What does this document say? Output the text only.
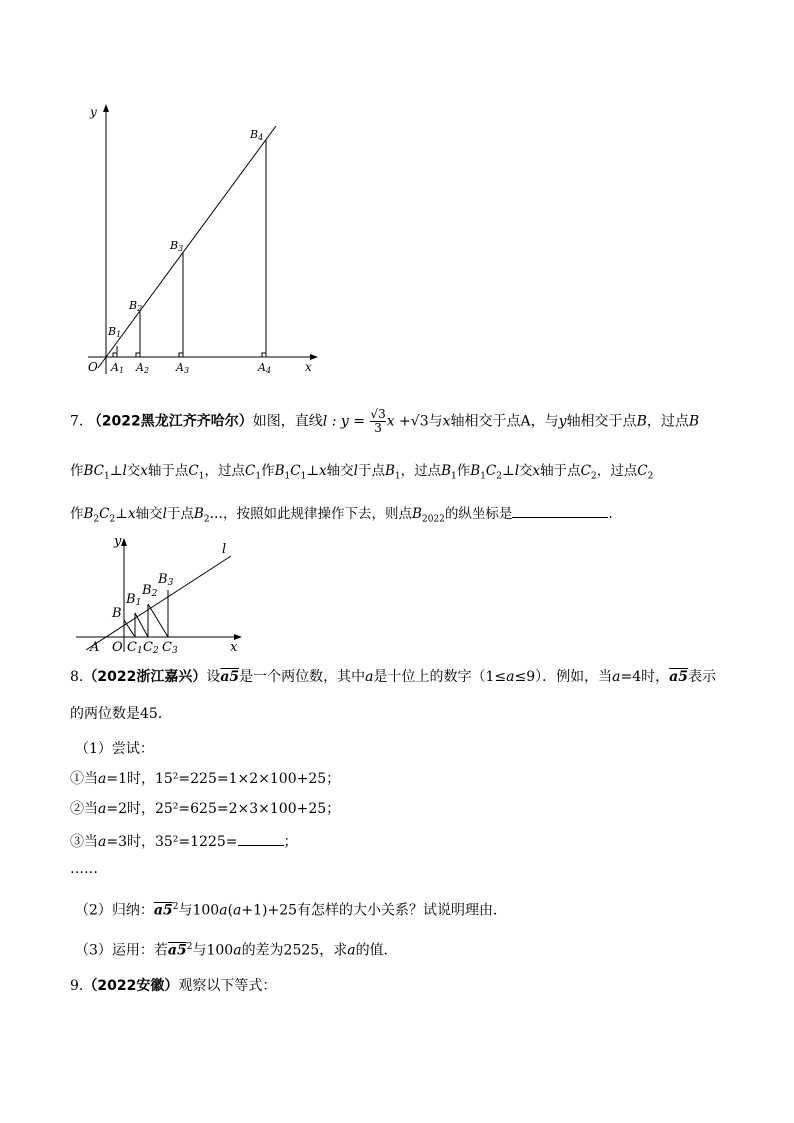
y
x
O A1 A2 A3	A4
B1
B2
B3
B4
7. （2022黑龙江齐齐哈尔）如图，直线l : $y = \frac{√3}{3}$ x +√3与x轴相交于点A，与y轴相交于点B，过点B
作$BC_1\perp l$交x轴于点$C_1$，过点$C_1$作$B_1C_1\perp x$轴交l于点$B_1$，过点$B_1$作$B_1C_2\perp l$交x轴于点$C_2$，过点$C_2$
作$B_2C_2\perp x$轴交l于点$B_2\dots$，按照如此规律操作下去，则点$B_{2022}$的纵坐标是	.
l
y
x
A O
B
B1
B2
B3
C1 C2 C3
8.（2022浙江嘉兴）设a5是一个两位数，其中a是十位上的数字（1≤a≤9）．例如，当a=4时，a5表示
的两位数是45．
（1）尝试：
①当a=1时，15²=225=1×2×100+25；
②当a=2时，25²=625=2×3×100+25；
③当a=3时，35²=1225=	；
……
（2）归纳：$a5^2$与100a(a+1)+25有怎样的大小关系？试说明理由．
（3）运用：若$a5^2$与100a的差为2525，求a的值．
9.（2022安徽）观察以下等式：
